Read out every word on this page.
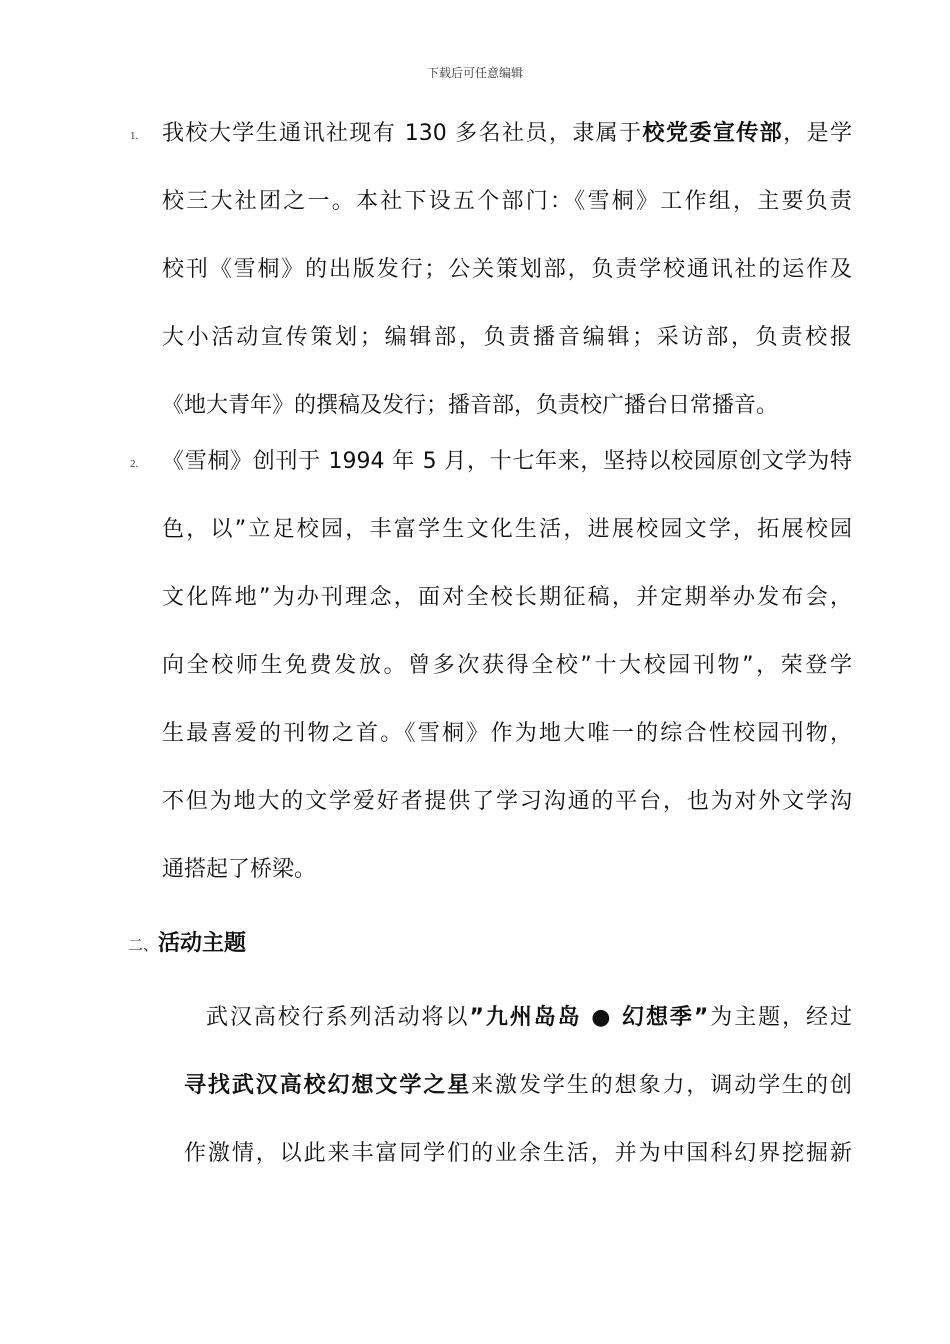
下载后可任意编辑
1. 我校大学生通讯社现有 130 多名社员，隶属于校党委宣传部，是学
校三大社团之一。本社下设五个部门：《雪桐》工作组，主要负责
校刊《雪桐》的出版发行；公关策划部，负责学校通讯社的运作及
大小活动宣传策划；编辑部，负责播音编辑；采访部，负责校报
《地大青年》的撰稿及发行；播音部，负责校广播台日常播音。
2. 《雪桐》创刊于 1994 年 5 月，十七年来，坚持以校园原创文学为特
色，以”立足校园，丰富学生文化生活，进展校园文学，拓展校园
文化阵地”为办刊理念，面对全校长期征稿，并定期举办发布会，
向全校师生免费发放。曾多次获得全校”十大校园刊物”，荣登学
生最喜爱的刊物之首。《雪桐》作为地大唯一的综合性校园刊物，
不但为地大的文学爱好者提供了学习沟通的平台，也为对外文学沟
通搭起了桥梁。
二、活动主题
武汉高校行系列活动将以”九州岛岛 ● 幻想季”为主题，经过
寻找武汉高校幻想文学之星来激发学生的想象力，调动学生的创
作激情，以此来丰富同学们的业余生活，并为中国科幻界挖掘新
